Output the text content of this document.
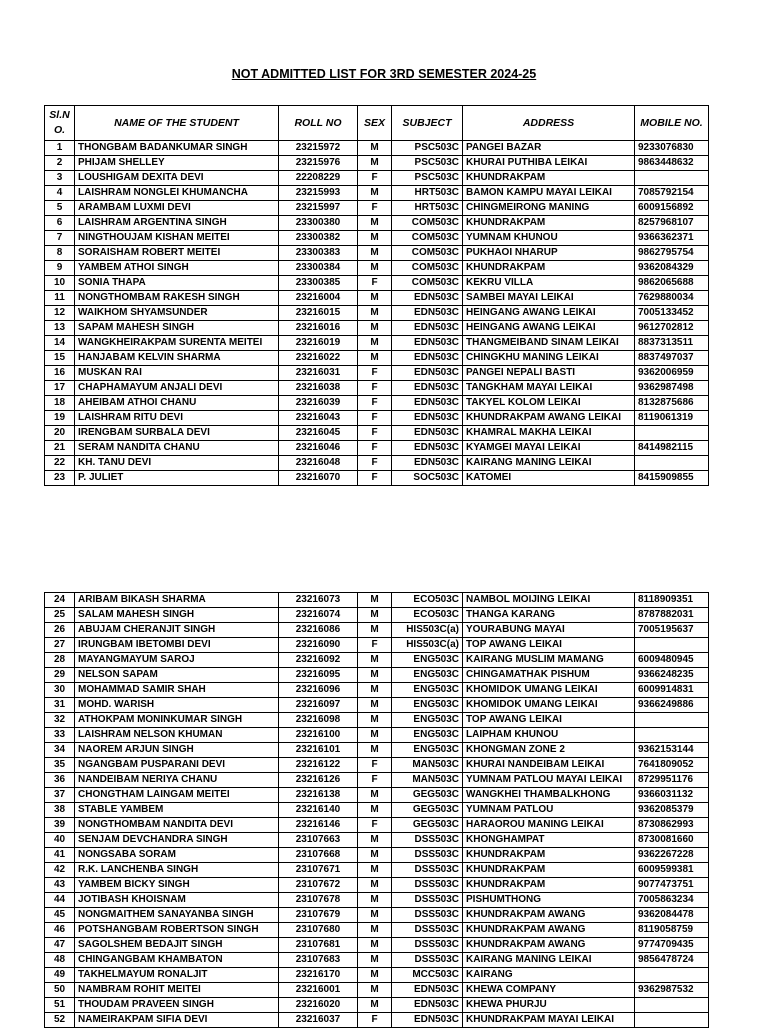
NOT ADMITTED LIST FOR 3RD SEMESTER 2024-25
Sl.N O.	NAME OF THE STUDENT	ROLL NO	SEX	SUBJECT	ADDRESS	MOBILE NO.
1	THONGBAM BADANKUMAR SINGH	23215972	M	PSC503C	PANGEI BAZAR	9233076830
2	PHIJAM SHELLEY	23215976	M	PSC503C	KHURAI PUTHIBA LEIKAI	9863448632
3	LOUSHIGAM DEXITA DEVI	22208229	F	PSC503C	KHUNDRAKPAM	
4	LAISHRAM NONGLEI KHUMANCHA	23215993	M	HRT503C	BAMON KAMPU MAYAI LEIKAI	7085792154
5	ARAMBAM LUXMI DEVI	23215997	F	HRT503C	CHINGMEIRONG MANING	6009156892
6	LAISHRAM ARGENTINA SINGH	23300380	M	COM503C	KHUNDRAKPAM	8257968107
7	NINGTHOUJAM KISHAN MEITEI	23300382	M	COM503C	YUMNAM KHUNOU	9366362371
8	SORAISHAM ROBERT MEITEI	23300383	M	COM503C	PUKHAOI NHARUP	9862795754
9	YAMBEM ATHOI SINGH	23300384	M	COM503C	KHUNDRAKPAM	9362084329
10	SONIA THAPA	23300385	F	COM503C	KEKRU VILLA	9862065688
11	NONGTHOMBAM RAKESH SINGH	23216004	M	EDN503C	SAMBEI MAYAI LEIKAI	7629880034
12	WAIKHOM SHYAMSUNDER	23216015	M	EDN503C	HEINGANG AWANG LEIKAI	7005133452
13	SAPAM MAHESH SINGH	23216016	M	EDN503C	HEINGANG AWANG LEIKAI	9612702812
14	WANGKHEIRAKPAM SURENTA MEITEI	23216019	M	EDN503C	THANGMEIBAND SINAM LEIKAI	8837313511
15	HANJABAM KELVIN SHARMA	23216022	M	EDN503C	CHINGKHU MANING LEIKAI	8837497037
16	MUSKAN RAI	23216031	F	EDN503C	PANGEI NEPALI BASTI	9362006959
17	CHAPHAMAYUM ANJALI DEVI	23216038	F	EDN503C	TANGKHAM MAYAI LEIKAI	9362987498
18	AHEIBAM ATHOI CHANU	23216039	F	EDN503C	TAKYEL KOLOM LEIKAI	8132875686
19	LAISHRAM RITU DEVI	23216043	F	EDN503C	KHUNDRAKPAM AWANG LEIKAI	8119061319
20	IRENGBAM SURBALA DEVI	23216045	F	EDN503C	KHAMRAL MAKHA LEIKAI	
21	SERAM NANDITA CHANU	23216046	F	EDN503C	KYAMGEI MAYAI LEIKAI	8414982115
22	KH. TANU DEVI	23216048	F	EDN503C	KAIRANG MANING LEIKAI	
23	P. JULIET	23216070	F	SOC503C	KATOMEI	8415909855
24	ARIBAM BIKASH SHARMA	23216073	M	ECO503C	NAMBOL MOIJING LEIKAI	8118909351
25	SALAM MAHESH SINGH	23216074	M	ECO503C	THANGA KARANG	8787882031
26	ABUJAM CHERANJIT SINGH	23216086	M	HIS503C(a)	YOURABUNG MAYAI	7005195637
27	IRUNGBAM IBETOMBI DEVI	23216090	F	HIS503C(a)	TOP AWANG LEIKAI	
28	MAYANGMAYUM SAROJ	23216092	M	ENG503C	KAIRANG MUSLIM MAMANG	6009480945
29	NELSON SAPAM	23216095	M	ENG503C	CHINGAMATHAK PISHUM	9366248235
30	MOHAMMAD SAMIR SHAH	23216096	M	ENG503C	KHOMIDOK UMANG LEIKAI	6009914831
31	MOHD. WARISH	23216097	M	ENG503C	KHOMIDOK UMANG LEIKAI	9366249886
32	ATHOKPAM MONINKUMAR SINGH	23216098	M	ENG503C	TOP AWANG LEIKAI	
33	LAISHRAM NELSON KHUMAN	23216100	M	ENG503C	LAIPHAM KHUNOU	
34	NAOREM ARJUN SINGH	23216101	M	ENG503C	KHONGMAN ZONE 2	9362153144
35	NGANGBAM PUSPARANI DEVI	23216122	F	MAN503C	KHURAI NANDEIBAM LEIKAI	7641809052
36	NANDEIBAM NERIYA CHANU	23216126	F	MAN503C	YUMNAM PATLOU MAYAI LEIKAI	8729951176
37	CHONGTHAM LAINGAM MEITEI	23216138	M	GEG503C	WANGKHEI THAMBALKHONG	9366031132
38	STABLE YAMBEM	23216140	M	GEG503C	YUMNAM PATLOU	9362085379
39	NONGTHOMBAM NANDITA DEVI	23216146	F	GEG503C	HARAOROU MANING LEIKAI	8730862993
40	SENJAM DEVCHANDRA SINGH	23107663	M	DSS503C	KHONGHAMPAT	8730081660
41	NONGSABA SORAM	23107668	M	DSS503C	KHUNDRAKPAM	9362267228
42	R.K. LANCHENBA SINGH	23107671	M	DSS503C	KHUNDRAKPAM	6009599381
43	YAMBEM BICKY SINGH	23107672	M	DSS503C	KHUNDRAKPAM	9077473751
44	JOTIBASH KHOISNAM	23107678	M	DSS503C	PISHUMTHONG	7005863234
45	NONGMAITHEM SANAYANBA SINGH	23107679	M	DSS503C	KHUNDRAKPAM AWANG	9362084478
46	POTSHANGBAM ROBERTSON SINGH	23107680	M	DSS503C	KHUNDRAKPAM AWANG	8119058759
47	SAGOLSHEM BEDAJIT SINGH	23107681	M	DSS503C	KHUNDRAKPAM AWANG	9774709435
48	CHINGANGBAM KHAMBATON	23107683	M	DSS503C	KAIRANG MANING LEIKAI	9856478724
49	TAKHELMAYUM RONALJIT	23216170	M	MCC503C	KAIRANG	
50	NAMBRAM ROHIT MEITEI	23216001	M	EDN503C	KHEWA COMPANY	9362987532
51	THOUDAM PRAVEEN SINGH	23216020	M	EDN503C	KHEWA PHURJU	
52	NAMEIRAKPAM SIFIA DEVI	23216037	F	EDN503C	KHUNDRAKPAM MAYAI LEIKAI	
